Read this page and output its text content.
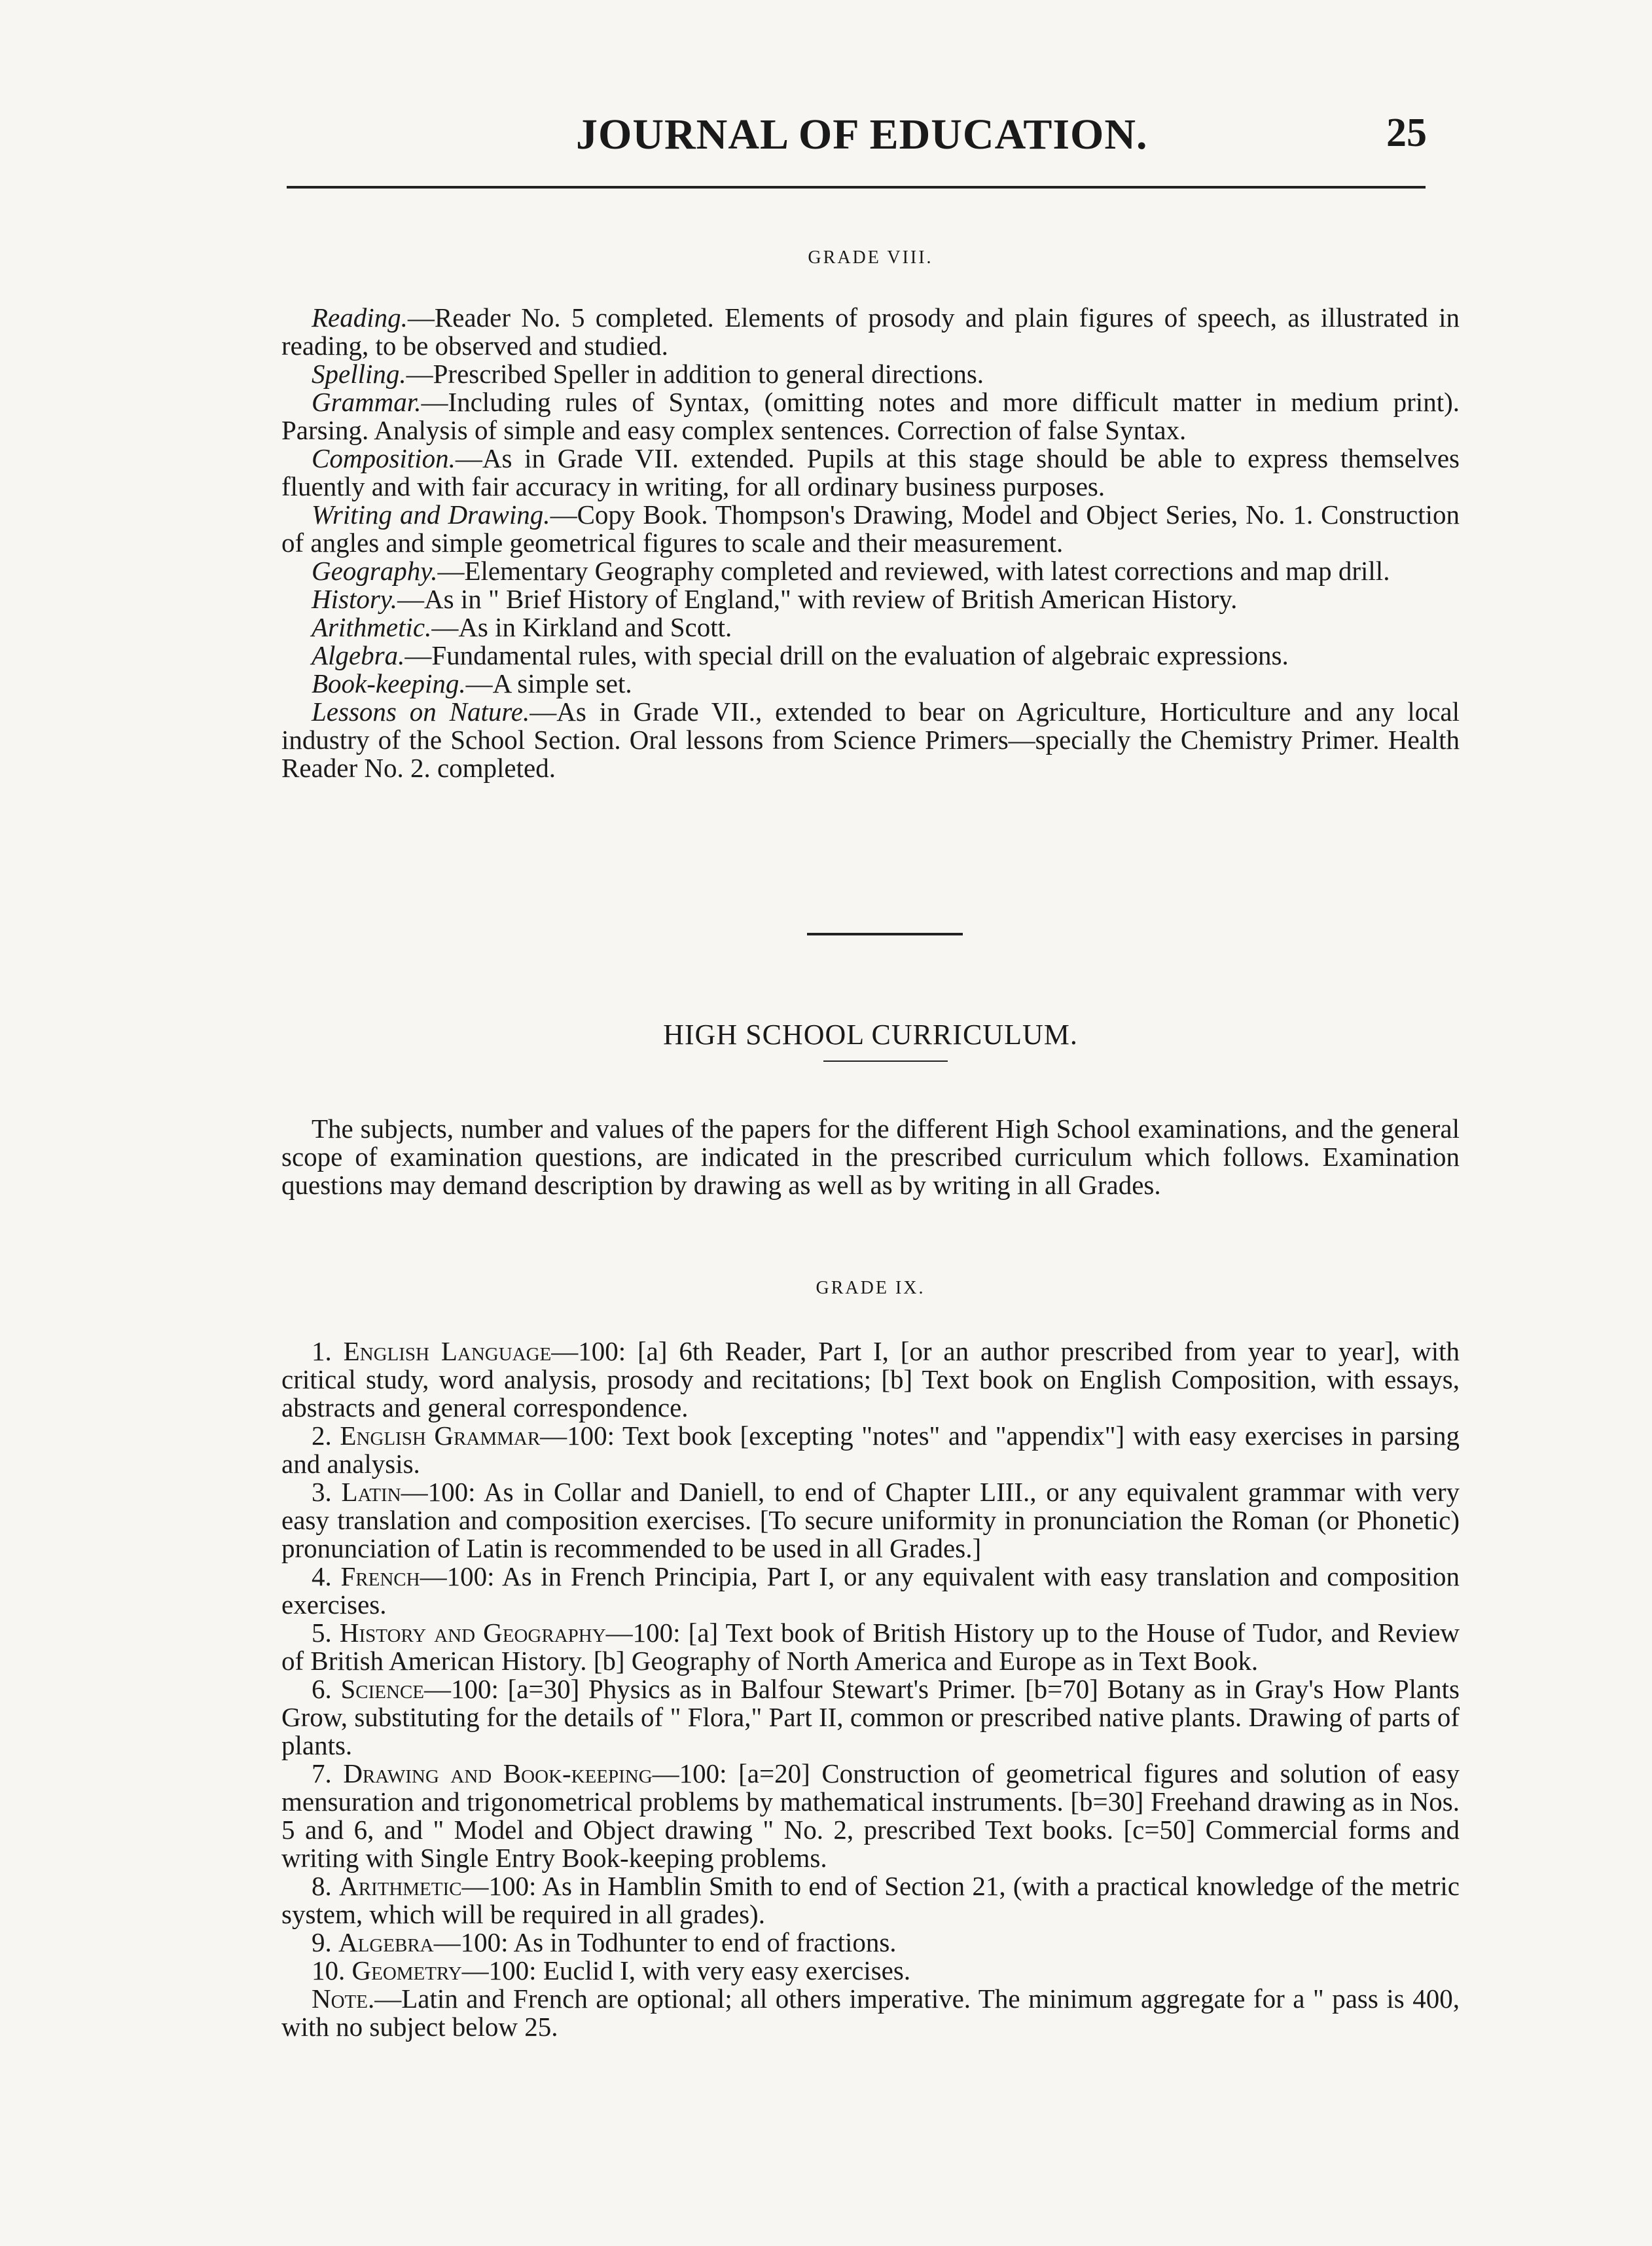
JOURNAL OF EDUCATION.	25
GRADE VIII.

Reading.—Reader No. 5 completed. Elements of prosody and plain figures of speech, as illustrated in reading, to be observed and studied.

Spelling.—Prescribed Speller in addition to general directions.

Grammar.—Including rules of Syntax, (omitting notes and more difficult matter in medium print). Parsing. Analysis of simple and easy complex sentences. Correction of false Syntax.

Composition.—As in Grade VII. extended. Pupils at this stage should be able to express themselves fluently and with fair accuracy in writing, for all ordinary business purposes.

Writing and Drawing.—Copy Book. Thompson's Drawing, Model and Object Series, No. 1. Construction of angles and simple geometrical figures to scale and their measurement.

Geography.—Elementary Geography completed and reviewed, with latest corrections and map drill.

History.—As in " Brief History of England," with review of British American History.

Arithmetic.—As in Kirkland and Scott.

Algebra.—Fundamental rules, with special drill on the evaluation of algebraic expressions.

Book-keeping.—A simple set.

Lessons on Nature.—As in Grade VII., extended to bear on Agriculture, Horticulture and any local industry of the School Section. Oral lessons from Science Primers—specially the Chemistry Primer. Health Reader No. 2. completed.

HIGH SCHOOL CURRICULUM.

The subjects, number and values of the papers for the different High School examinations, and the general scope of examination questions, are indicated in the prescribed curriculum which follows. Examination questions may demand description by drawing as well as by writing in all Grades.

GRADE IX.

1. English Language—100: [a] 6th Reader, Part I, [or an author prescribed from year to year], with critical study, word analysis, prosody and recitations; [b] Text book on English Composition, with essays, abstracts and general correspondence.

2. English Grammar—100: Text book [excepting "notes" and "appendix"] with easy exercises in parsing and analysis.

3. Latin—100: As in Collar and Daniell, to end of Chapter LIII., or any equivalent grammar with very easy translation and composition exercises. [To secure uniformity in pronunciation the Roman (or Phonetic) pronunciation of Latin is recommended to be used in all Grades.]

4. French—100: As in French Principia, Part I, or any equivalent with easy translation and composition exercises.

5. History and Geography—100: [a] Text book of British History up to the House of Tudor, and Review of British American History. [b] Geography of North America and Europe as in Text Book.

6. Science—100: [a=30] Physics as in Balfour Stewart's Primer. [b=70] Botany as in Gray's How Plants Grow, substituting for the details of " Flora," Part II, common or prescribed native plants. Drawing of parts of plants.

7. Drawing and Book-keeping—100: [a=20] Construction of geometrical figures and solution of easy mensuration and trigonometrical problems by mathematical instruments. [b=30] Freehand drawing as in Nos. 5 and 6, and " Model and Object drawing " No. 2, prescribed Text books. [c=50] Commercial forms and writing with Single Entry Book-keeping problems.

8. Arithmetic—100: As in Hamblin Smith to end of Section 21, (with a practical knowledge of the metric system, which will be required in all grades).

9. Algebra—100: As in Todhunter to end of fractions.

10. Geometry—100: Euclid I, with very easy exercises.

Note.—Latin and French are optional; all others imperative. The minimum aggregate for a " pass is 400, with no subject below 25.
